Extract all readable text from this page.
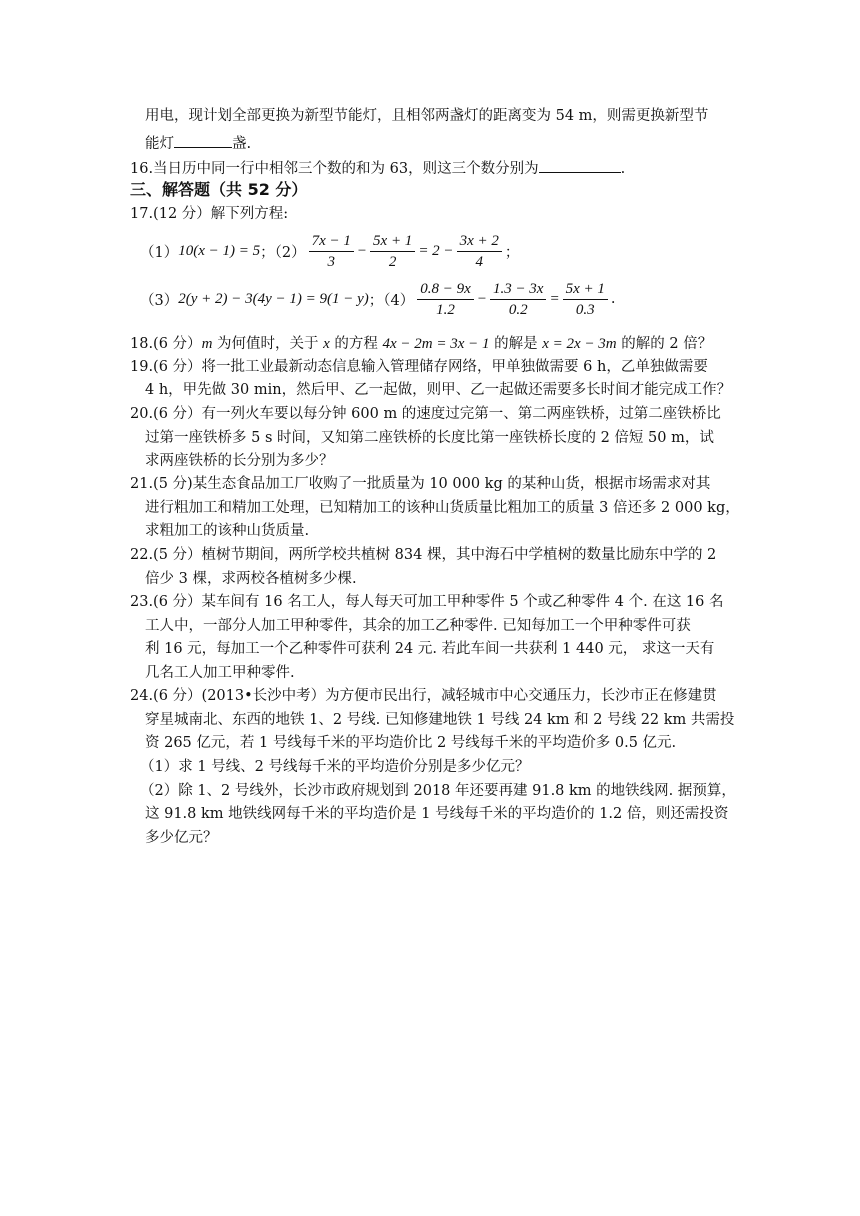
用电，现计划全部更换为新型节能灯，且相邻两盏灯的距离变为 54 m，则需更换新型节
能灯	盏.
16.当日历中同一行中相邻三个数的和为 63，则这三个数分别为	.
三、解答题（共 52 分）
17.(12 分）解下列方程:
（1） 10(x − 1) = 5 ；$(2) \frac{7x - 1}{3} - \frac{5x + 1}{2} = 2 - \frac{3x + 2}{4}$ ；
（3） 2(y + 2) − 3(4y − 1) = 9(1 − y) ；$(4) \frac{0.8 - 9x}{1.2} - \frac{1.3 - 3x}{0.2} = \frac{5x + 1}{0.3}$ .
18.(6 分）m 为何值时，关于 x 的方程 4x − 2m = 3x − 1 的解是 x = 2x − 3m 的解的 2 倍？
19.(6 分）将一批工业最新动态信息输入管理储存网络，甲单独做需要 6 h，乙单独做需要
4 h，甲先做 30 min，然后甲、乙一起做，则甲、乙一起做还需要多长时间才能完成工作？
20.(6 分）有一列火车要以每分钟 600 m 的速度过完第一、第二两座铁桥，过第二座铁桥比
过第一座铁桥多 5 s 时间，又知第二座铁桥的长度比第一座铁桥长度的 2 倍短 50 m，试
求两座铁桥的长分别为多少？
21.(5 分)某生态食品加工厂收购了一批质量为 10 000 kg 的某种山货，根据市场需求对其
进行粗加工和精加工处理，已知精加工的该种山货质量比粗加工的质量 3 倍还多 2 000 kg，
求粗加工的该种山货质量.
22.(5 分）植树节期间，两所学校共植树 834 棵，其中海石中学植树的数量比励东中学的 2
倍少 3 棵，求两校各植树多少棵.
23.(6 分）某车间有 16 名工人，每人每天可加工甲种零件 5 个或乙种零件 4 个. 在这 16 名
工人中，一部分人加工甲种零件，其余的加工乙种零件. 已知每加工一个甲种零件可获
利 16 元，每加工一个乙种零件可获利 24 元. 若此车间一共获利 1 440 元， 求这一天有
几名工人加工甲种零件.
24.(6 分）(2013•长沙中考）为方便市民出行，减轻城市中心交通压力，长沙市正在修建贯
穿星城南北、东西的地铁 1、2 号线. 已知修建地铁 1 号线 24 km 和 2 号线 22 km 共需投
资 265 亿元，若 1 号线每千米的平均造价比 2 号线每千米的平均造价多 0.5 亿元.
（1）求 1 号线、2 号线每千米的平均造价分别是多少亿元？
（2）除 1、2 号线外，长沙市政府规划到 2018 年还要再建 91.8 km 的地铁线网. 据预算，
这 91.8 km 地铁线网每千米的平均造价是 1 号线每千米的平均造价的 1.2 倍，则还需投资
多少亿元？
